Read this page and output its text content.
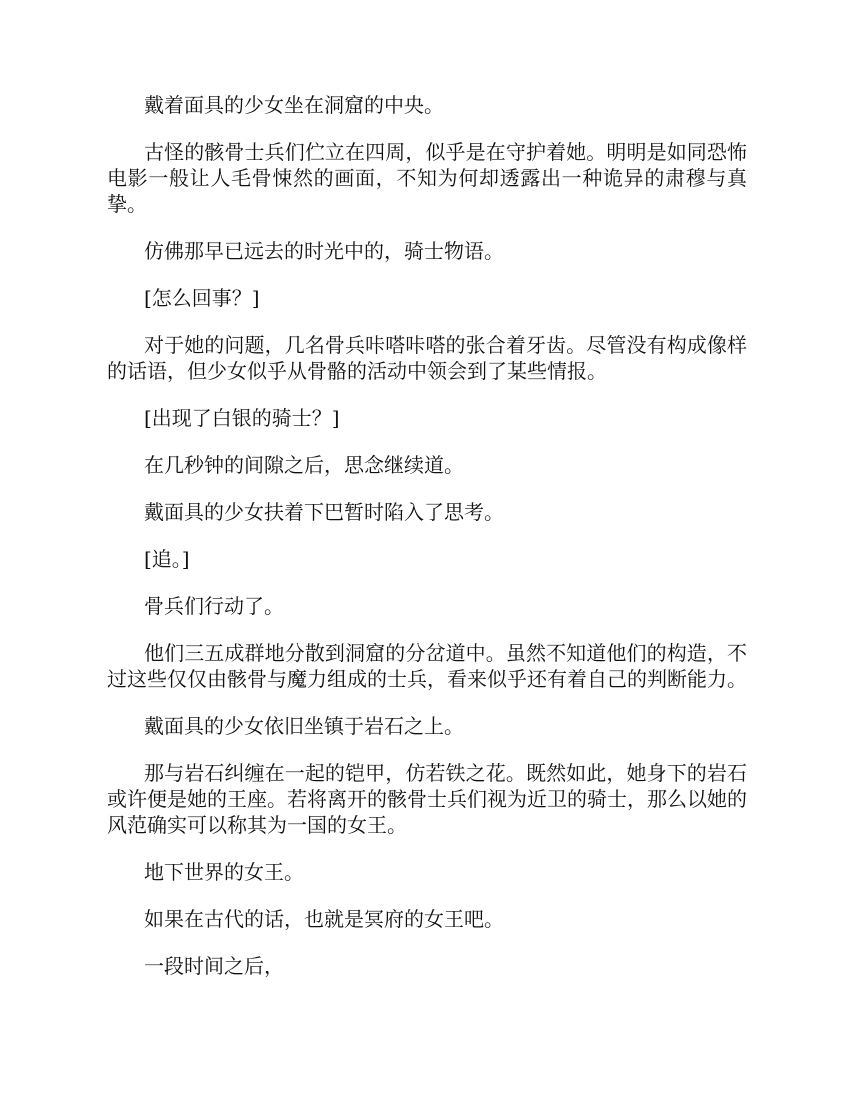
戴着面具的少女坐在洞窟的中央。

古怪的骸骨士兵们伫立在四周，似乎是在守护着她。明明是如同恐怖电影一般让人毛骨悚然的画面，不知为何却透露出一种诡异的肃穆与真挚。

仿佛那早已远去的时光中的，骑士物语。

[怎么回事？]

对于她的问题，几名骨兵咔嗒咔嗒的张合着牙齿。尽管没有构成像样的话语，但少女似乎从骨骼的活动中领会到了某些情报。

[出现了白银的骑士？]

在几秒钟的间隙之后，思念继续道。

戴面具的少女扶着下巴暂时陷入了思考。

[追。]

骨兵们行动了。

他们三五成群地分散到洞窟的分岔道中。虽然不知道他们的构造，不过这些仅仅由骸骨与魔力组成的士兵，看来似乎还有着自己的判断能力。

戴面具的少女依旧坐镇于岩石之上。

那与岩石纠缠在一起的铠甲，仿若铁之花。既然如此，她身下的岩石或许便是她的王座。若将离开的骸骨士兵们视为近卫的骑士，那么以她的风范确实可以称其为一国的女王。

地下世界的女王。

如果在古代的话，也就是冥府的女王吧。

一段时间之后，
